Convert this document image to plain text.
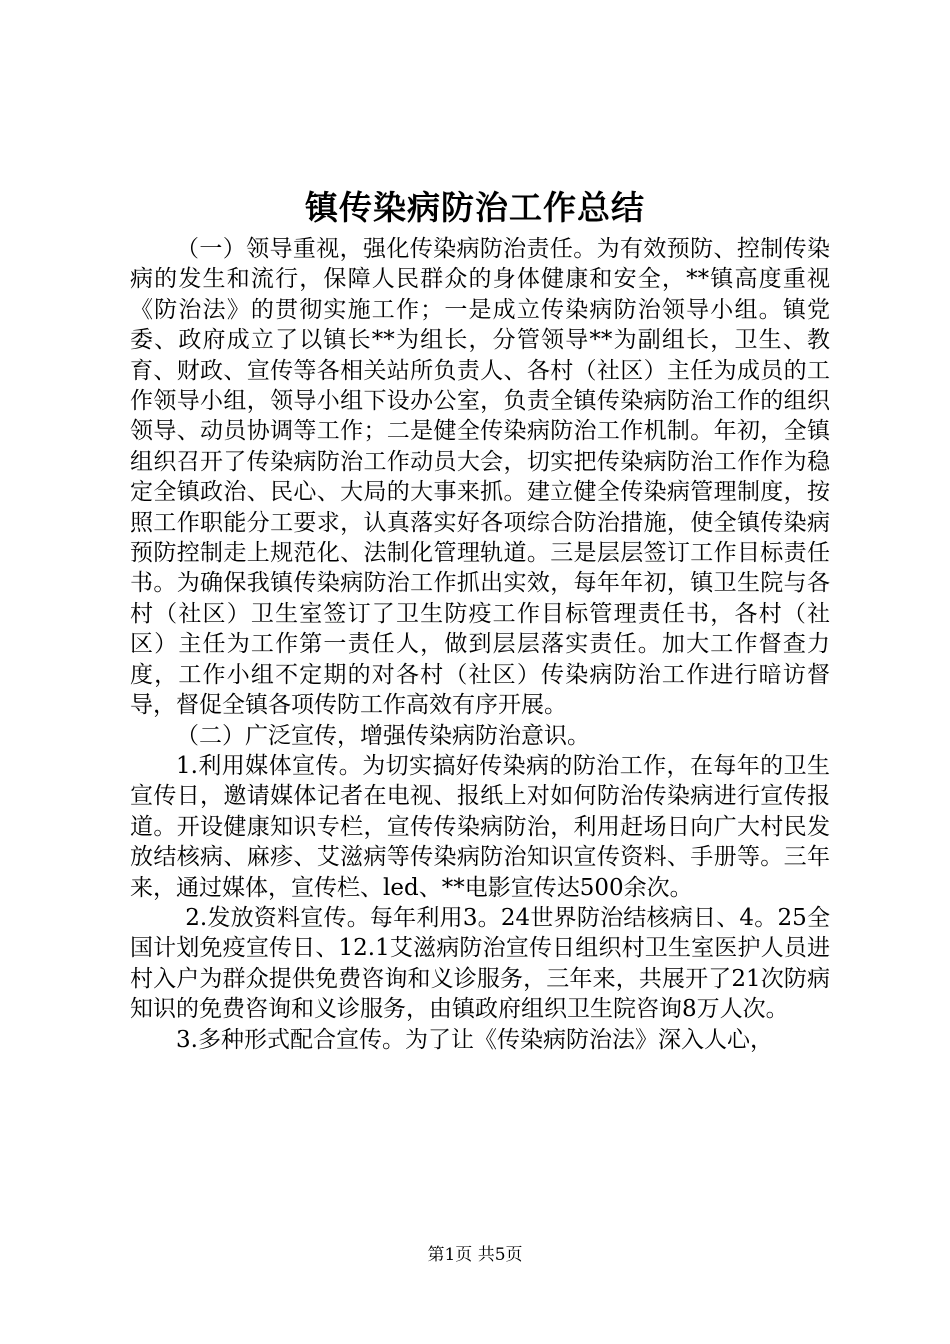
镇传染病防治工作总结

（一）领导重视，强化传染病防治责任。为有效预防、控制传染病的发生和流行，保障人民群众的身体健康和安全，**镇高度重视《防治法》的贯彻实施工作；一是成立传染病防治领导小组。镇党委、政府成立了以镇长**为组长，分管领导**为副组长，卫生、教育、财政、宣传等各相关站所负责人、各村（社区）主任为成员的工作领导小组，领导小组下设办公室，负责全镇传染病防治工作的组织领导、动员协调等工作；二是健全传染病防治工作机制。年初，全镇组织召开了传染病防治工作动员大会，切实把传染病防治工作作为稳定全镇政治、民心、大局的大事来抓。建立健全传染病管理制度，按照工作职能分工要求，认真落实好各项综合防治措施，使全镇传染病预防控制走上规范化、法制化管理轨道。三是层层签订工作目标责任书。为确保我镇传染病防治工作抓出实效，每年年初，镇卫生院与各村（社区）卫生室签订了卫生防疫工作目标管理责任书，各村（社区）主任为工作第一责任人，做到层层落实责任。加大工作督查力度，工作小组不定期的对各村（社区）传染病防治工作进行暗访督导，督促全镇各项传防工作高效有序开展。

（二）广泛宣传，增强传染病防治意识。

1.利用媒体宣传。为切实搞好传染病的防治工作，在每年的卫生宣传日，邀请媒体记者在电视、报纸上对如何防治传染病进行宣传报道。开设健康知识专栏，宣传传染病防治，利用赶场日向广大村民发放结核病、麻疹、艾滋病等传染病防治知识宣传资料、手册等。三年来，通过媒体，宣传栏、led、**电影宣传达500余次。

2.发放资料宣传。每年利用3。24世界防治结核病日、4。25全国计划免疫宣传日、12.1艾滋病防治宣传日组织村卫生室医护人员进村入户为群众提供免费咨询和义诊服务，三年来，共展开了21次防病知识的免费咨询和义诊服务，由镇政府组织卫生院咨询8万人次。

3.多种形式配合宣传。为了让《传染病防治法》深入人心，

第1页 共5页
